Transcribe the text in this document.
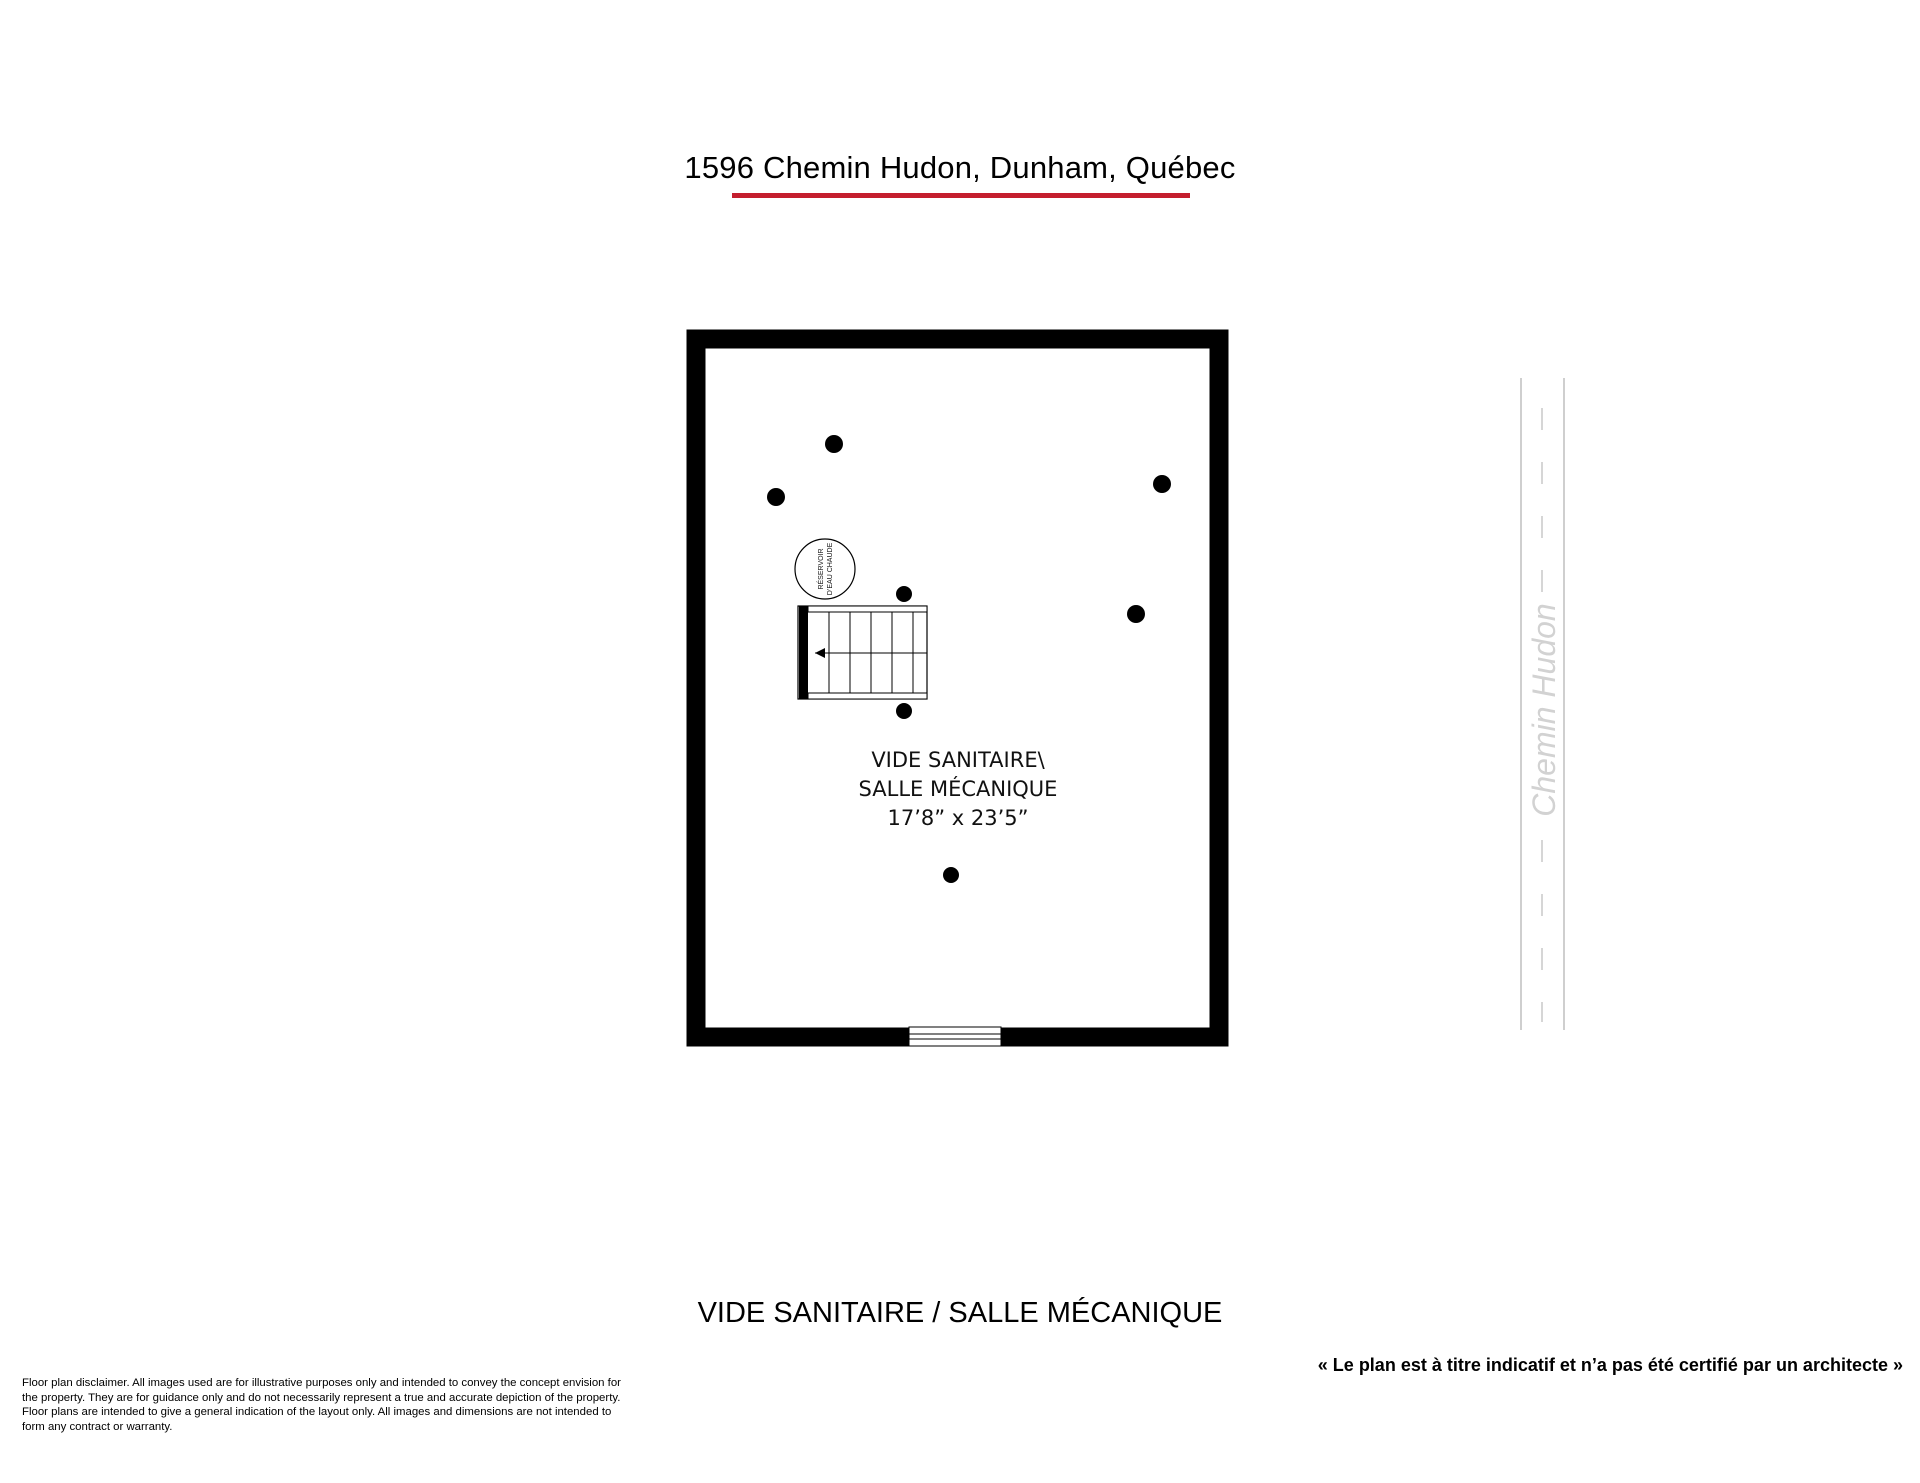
1596 Chemin Hudon, Dunham, Québec
RÉSERVOIR D’EAU CHAUDE
VIDE SANITAIRE\
SALLE MÉCANIQUE
17’8” x 23’5”
Chemin Hudon
VIDE SANITAIRE / SALLE MÉCANIQUE
« Le plan est à titre indicatif et n’a pas été certifié par un architecte »
Floor plan disclaimer. All images used are for illustrative purposes only and intended to convey the concept envision for the property. They are for guidance only and do not necessarily represent a true and accurate depiction of the property. Floor plans are intended to give a general indication of the layout only. All images and dimensions are not intended to form any contract or warranty.
